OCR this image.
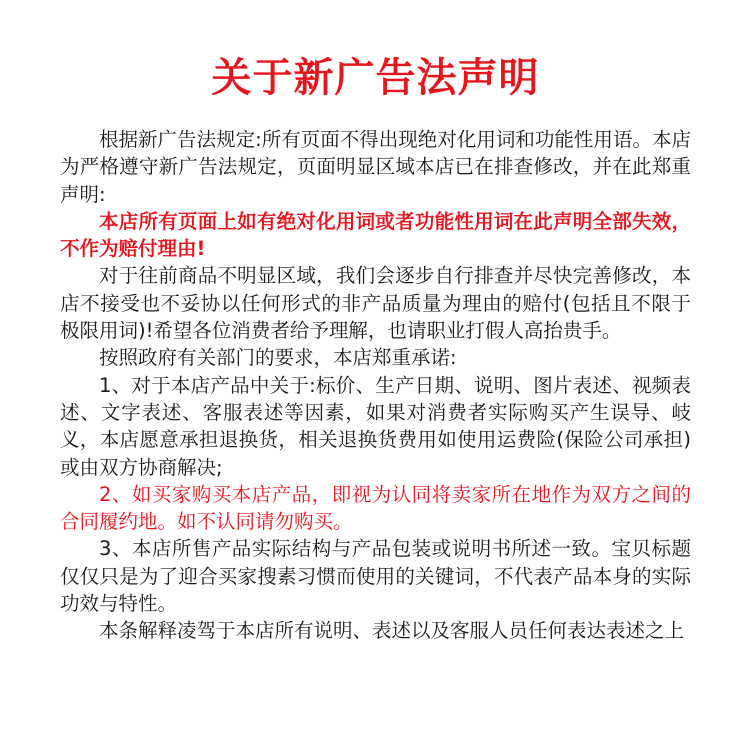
关于新广告法声明

根据新广告法规定:所有页面不得出现绝对化用词和功能性用语。本店为严格遵守新广告法规定，页面明显区域本店已在排查修改，并在此郑重声明:

本店所有页面上如有绝对化用词或者功能性用词在此声明全部失效，不作为赔付理由!

对于往前商品不明显区域，我们会逐步自行排查并尽快完善修改，本店不接受也不妥协以任何形式的非产品质量为理由的赔付(包括且不限于极限用词)!希望各位消费者给予理解，也请职业打假人高抬贵手。

按照政府有关部门的要求，本店郑重承诺:

1、对于本店产品中关于:标价、生产日期、说明、图片表述、视频表述、文字表述、客服表述等因素，如果对消费者实际购买产生误导、岐义，本店愿意承担退换货，相关退换货费用如使用运费险(保险公司承担)或由双方协商解决;

2、如买家购买本店产品，即视为认同将卖家所在地作为双方之间的合同履约地。如不认同请勿购买。

3、本店所售产品实际结构与产品包装或说明书所述一致。宝贝标题仅仅只是为了迎合买家搜素习惯而使用的关键词，不代表产品本身的实际功效与特性。

本条解释凌驾于本店所有说明、表述以及客服人员任何表达表述之上
